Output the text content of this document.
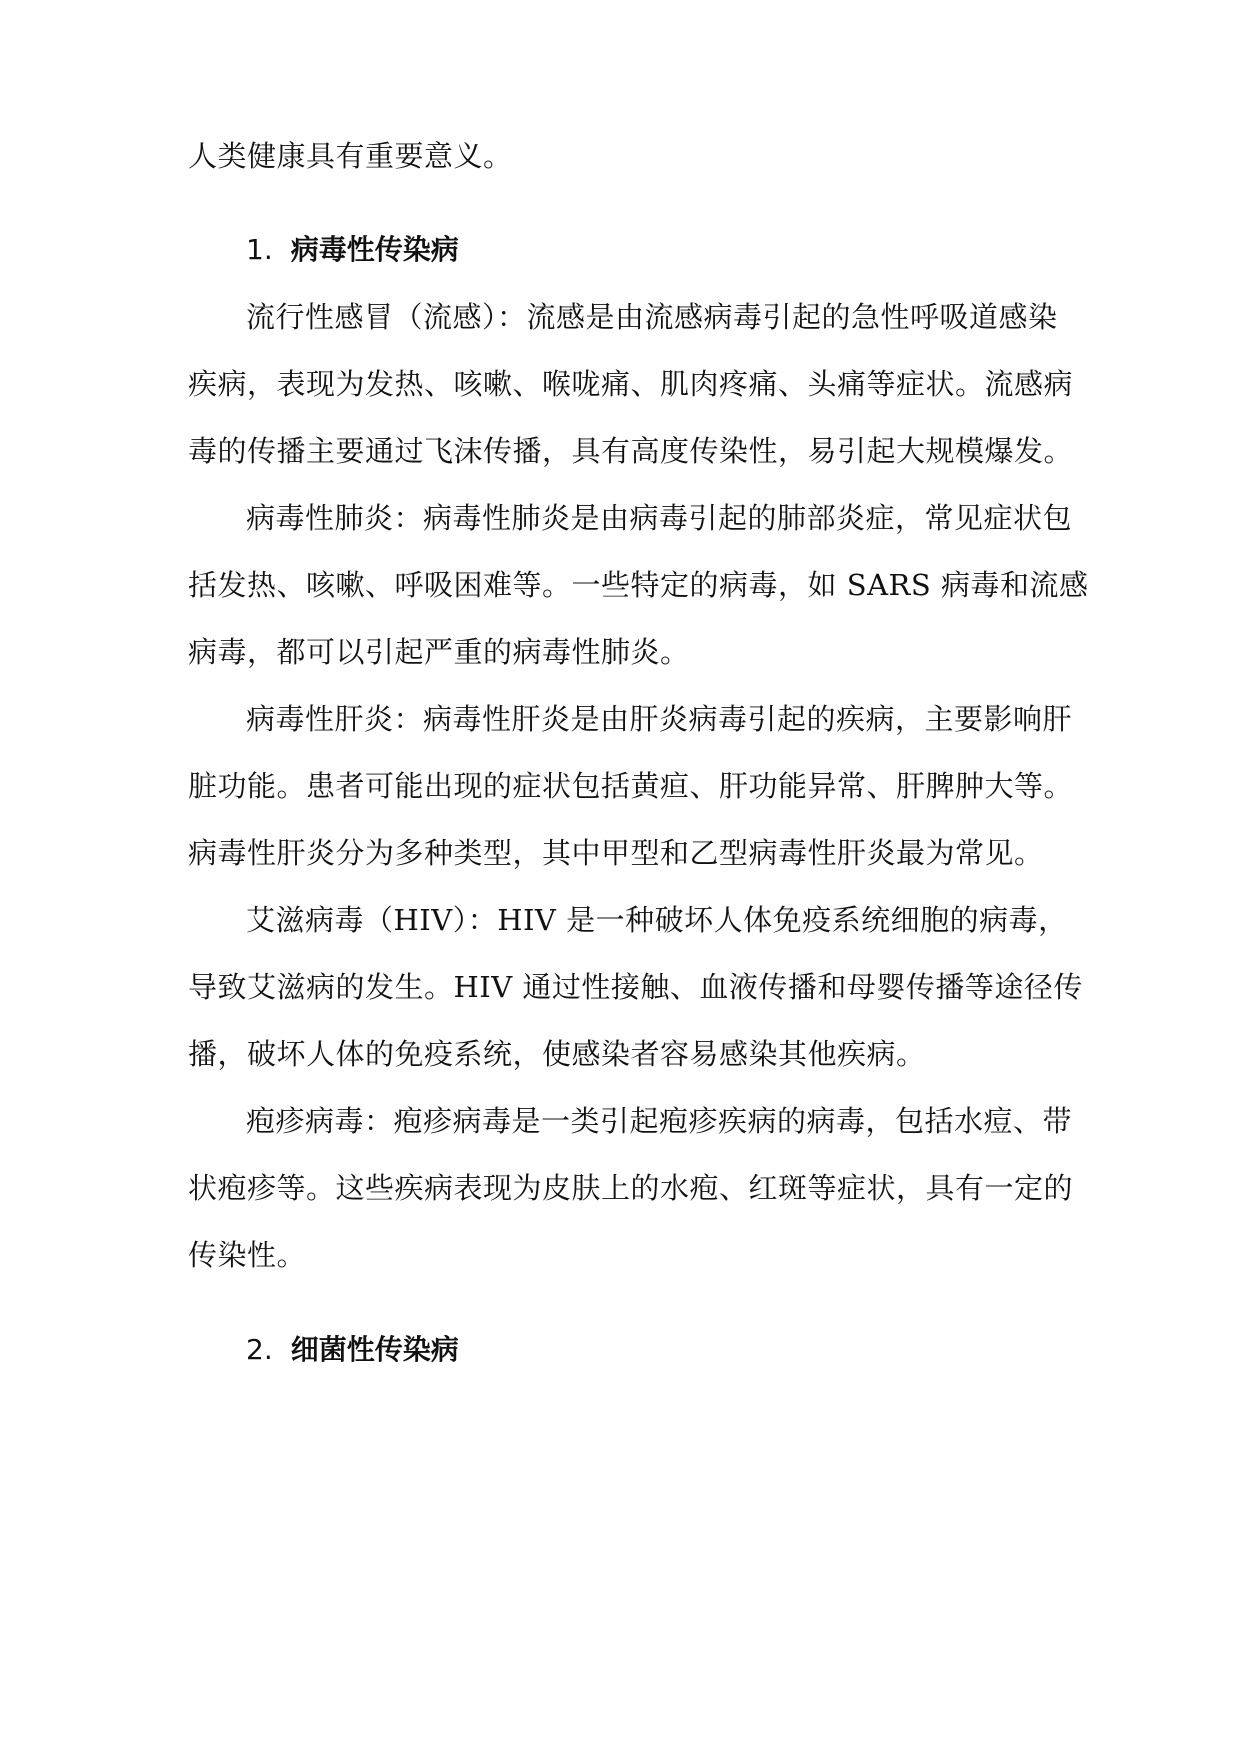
人类健康具有重要意义。
1. 病毒性传染病
流行性感冒（流感）：流感是由流感病毒引起的急性呼吸道感染
疾病，表现为发热、咳嗽、喉咙痛、肌肉疼痛、头痛等症状。流感病
毒的传播主要通过飞沫传播，具有高度传染性，易引起大规模爆发。
病毒性肺炎：病毒性肺炎是由病毒引起的肺部炎症，常见症状包
括发热、咳嗽、呼吸困难等。一些特定的病毒，如 SARS 病毒和流感
病毒，都可以引起严重的病毒性肺炎。
病毒性肝炎：病毒性肝炎是由肝炎病毒引起的疾病，主要影响肝
脏功能。患者可能出现的症状包括黄疸、肝功能异常、肝脾肿大等。
病毒性肝炎分为多种类型，其中甲型和乙型病毒性肝炎最为常见。
艾滋病毒（HIV）：HIV 是一种破坏人体免疫系统细胞的病毒，
导致艾滋病的发生。HIV 通过性接触、血液传播和母婴传播等途径传
播，破坏人体的免疫系统，使感染者容易感染其他疾病。
疱疹病毒：疱疹病毒是一类引起疱疹疾病的病毒，包括水痘、带
状疱疹等。这些疾病表现为皮肤上的水疱、红斑等症状，具有一定的
传染性。
2. 细菌性传染病
